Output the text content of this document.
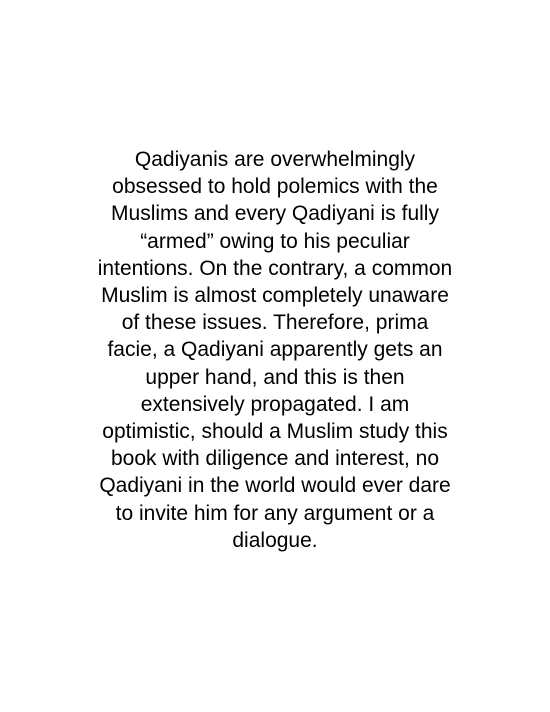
Qadiyanis are overwhelmingly
obsessed to hold polemics with the
Muslims and every Qadiyani is fully
“armed” owing to his peculiar
intentions. On the contrary, a common
Muslim is almost completely unaware
of these issues. Therefore, prima
facie, a Qadiyani apparently gets an
upper hand, and this is then
extensively propagated. I am
optimistic, should a Muslim study this
book with diligence and interest, no
Qadiyani in the world would ever dare
to invite him for any argument or a
dialogue.
